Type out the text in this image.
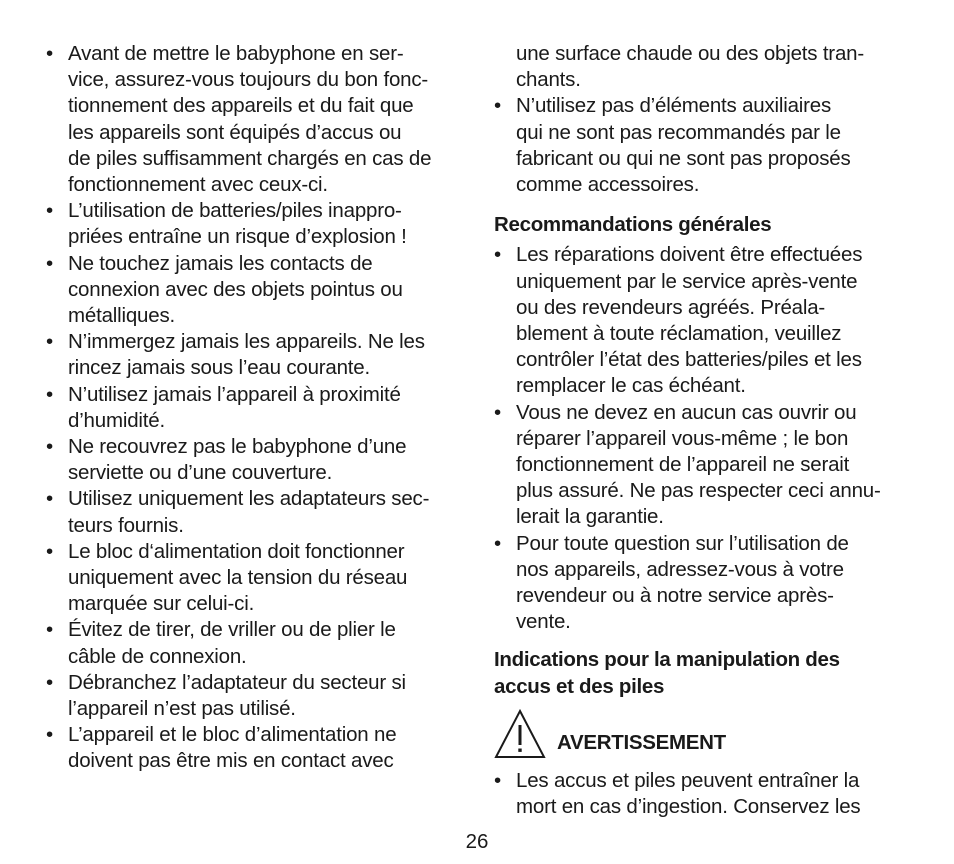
• Avant de mettre le babyphone en ser-
vice, assurez-vous toujours du bon fonc-
tionnement des appareils et du fait que
les appareils sont équipés d’accus ou
de piles suffisamment chargés en cas de
fonctionnement avec ceux-ci.
• L’utilisation de batteries/piles inappro-
priées entraîne un risque d’explosion !
• Ne touchez jamais les contacts de
connexion avec des objets pointus ou
métalliques.
• N’immergez jamais les appareils. Ne les
rincez jamais sous l’eau courante.
• N’utilisez jamais l’appareil à proximité
d’humidité.
• Ne recouvrez pas le babyphone d’une
serviette ou d’une couverture.
• Utilisez uniquement les adaptateurs sec-
teurs fournis.
• Le bloc d‘alimentation doit fonctionner
uniquement avec la tension du réseau
marquée sur celui-ci.
• Évitez de tirer, de vriller ou de plier le
câble de connexion.
• Débranchez l’adaptateur du secteur si
l’appareil n’est pas utilisé.
• L’appareil et le bloc d’alimentation ne
doivent pas être mis en contact avec
une surface chaude ou des objets tran-
chants.
• N’utilisez pas d’éléments auxiliaires
qui ne sont pas recommandés par le
fabricant ou qui ne sont pas proposés
comme accessoires.
Recommandations générales
• Les réparations doivent être effectuées
uniquement par le service après-vente
ou des revendeurs agréés. Préala-
blement à toute réclamation, veuillez
contrôler l’état des batteries/piles et les
remplacer le cas échéant.
• Vous ne devez en aucun cas ouvrir ou
réparer l’appareil vous-même ; le bon
fonctionnement de l’appareil ne serait
plus assuré. Ne pas respecter ceci annu-
lerait la garantie.
• Pour toute question sur l’utilisation de
nos appareils, adressez-vous à votre
revendeur ou à notre service après-
vente.
Indications pour la manipulation des
accus et des piles
AVERTISSEMENT
• Les accus et piles peuvent entraîner la
mort en cas d’ingestion. Conservez les
26
